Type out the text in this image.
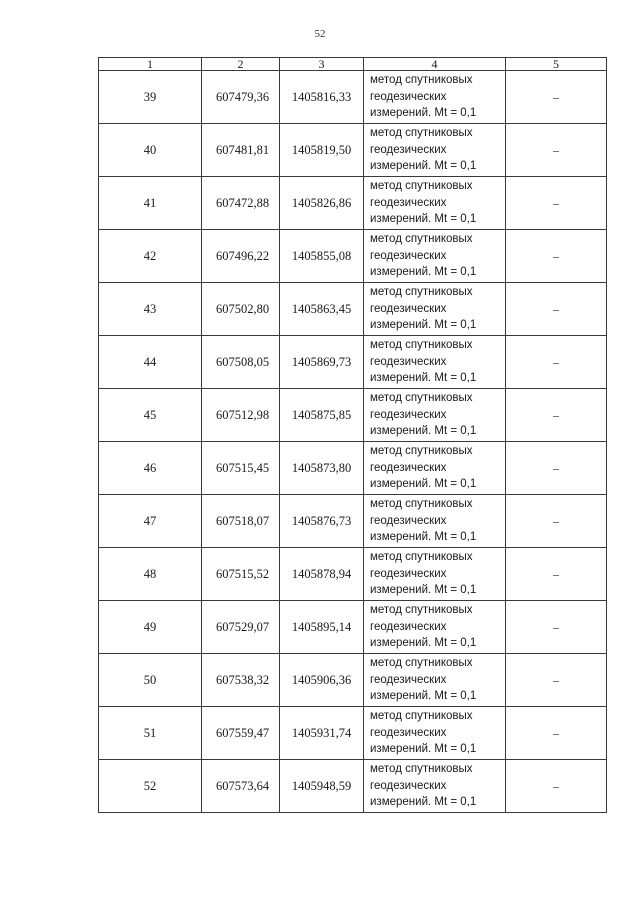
52
1	2	3	4	5
39	607479,36	1405816,33	метод спутниковых
геодезических
измерений. Mt = 0,1	–
40	607481,81	1405819,50	метод спутниковых
геодезических
измерений. Mt = 0,1	–
41	607472,88	1405826,86	метод спутниковых
геодезических
измерений. Mt = 0,1	–
42	607496,22	1405855,08	метод спутниковых
геодезических
измерений. Mt = 0,1	–
43	607502,80	1405863,45	метод спутниковых
геодезических
измерений. Mt = 0,1	–
44	607508,05	1405869,73	метод спутниковых
геодезических
измерений. Mt = 0,1	–
45	607512,98	1405875,85	метод спутниковых
геодезических
измерений. Mt = 0,1	–
46	607515,45	1405873,80	метод спутниковых
геодезических
измерений. Mt = 0,1	–
47	607518,07	1405876,73	метод спутниковых
геодезических
измерений. Mt = 0,1	–
48	607515,52	1405878,94	метод спутниковых
геодезических
измерений. Mt = 0,1	–
49	607529,07	1405895,14	метод спутниковых
геодезических
измерений. Mt = 0,1	–
50	607538,32	1405906,36	метод спутниковых
геодезических
измерений. Mt = 0,1	–
51	607559,47	1405931,74	метод спутниковых
геодезических
измерений. Mt = 0,1	–
52	607573,64	1405948,59	метод спутниковых
геодезических
измерений. Mt = 0,1	–
